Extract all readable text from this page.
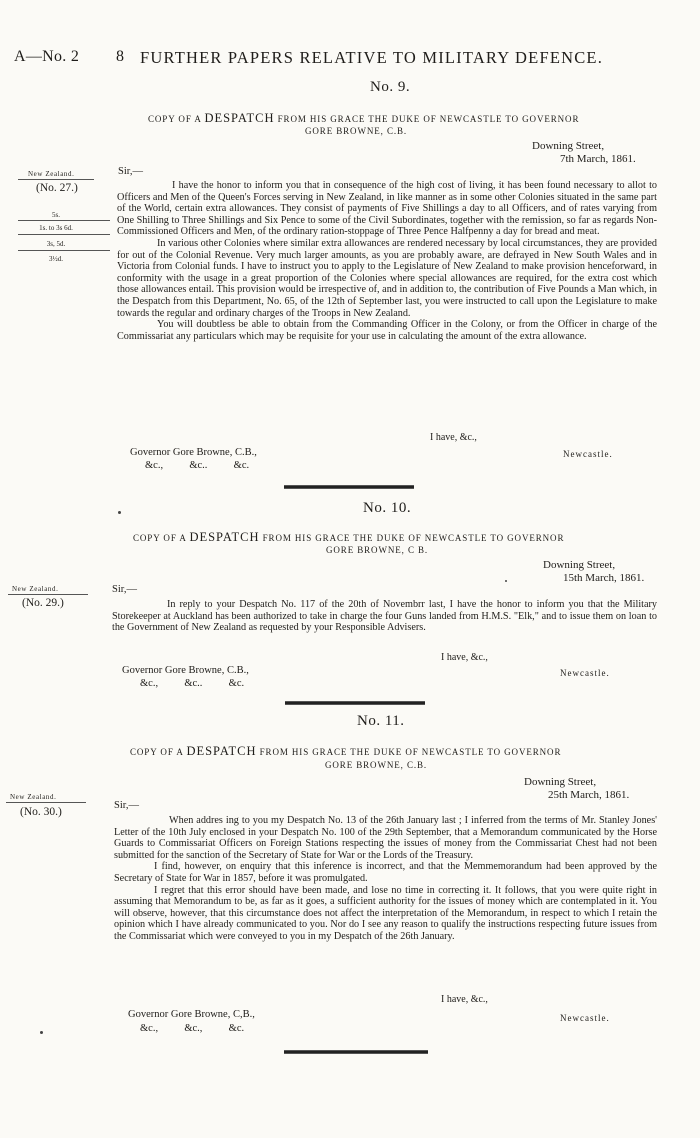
A—No. 2 8 FURTHER PAPERS RELATIVE TO MILITARY DEFENCE.
No. 9.
COPY OF A DESPATCH FROM HIS GRACE THE DUKE OF NEWCASTLE TO GOVERNOR
GORE BROWNE, C.B.
Downing Street,
7th March, 1861.
New Zealand.
(No. 27.)
5s.
1s. to 3s 6d.
3s, 5d.
3½d.
Sir,—

I have the honor to inform you that in consequence of the high cost of living, it has been found necessary to allot to Officers and Men of the Queen's Forces serving in New Zealand, in like manner as in some other Colonies situated in the same part of the World, certain extra allowances. They consist of payments of Five Shillings a day to all Officers, and of rates varying from One Shilling to Three Shillings and Six Pence to some of the Civil Subordinates, together with the remission, so far as regards Non-Commissioned Officers and Men, of the ordinary ration-stoppage of Three Pence Halfpenny a day for bread and meat.

In various other Colonies where similar extra allowances are rendered necessary by local circumstances, they are provided for out of the Colonial Revenue. Very much larger amounts, as you are probably aware, are defrayed in New South Wales and in Victoria from Colonial funds. I have to instruct you to apply to the Legislature of New Zealand to make provision henceforward, in conformity with the usage in a great proportion of the Colonies where special allowances are required, for the extra cost which those allowances entail. This provision would be irrespective of, and in addition to, the contribution of Five Pounds a Man which, in the Despatch from this Department, No. 65, of the 12th of September last, you were instructed to call upon the Legislature to make towards the regular and ordinary charges of the Troops in New Zealand.

You will doubtless be able to obtain from the Commanding Officer in the Colony, or from the Officer in charge of the Commissariat any particulars which may be requisite for your use in calculating the amount of the extra allowance.

I have, &c.,
Governor Gore Browne, C.B.,	Newcastle.
&c.,          &c..          &c.
No. 10.
COPY OF A DESPATCH FROM HIS GRACE THE DUKE OF NEWCASTLE TO GOVERNOR
GORE BROWNE, C B.
Downing Street,
15th March, 1861.
New Zealand.
(No. 29.)
Sir,—

In reply to your Despatch No. 117 of the 20th of Novembrr last, I have the honor to inform you that the Military Storekeeper at Auckland has been authorized to take in charge the four Guns landed from H.M.S. "Elk," and to issue them on loan to the Government of New Zealand as requested by your Responsible Advisers.

I have, &c.,
Governor Gore Browne, C.B.,	Newcastle.
&c.,          &c..          &c.
No. 11.
COPY OF A DESPATCH FROM HIS GRACE THE DUKE OF NEWCASTLE TO GOVERNOR
GORE BROWNE, C.B.
Downing Street,
25th March, 1861.
New Zealand.
(No. 30.)
Sir,—

When addres ing to you my Despatch No. 13 of the 26th January last ; I inferred from the terms of Mr. Stanley Jones' Letter of the 10th July enclosed in your Despatch No. 100 of the 29th September, that a Memorandum communicated by the Horse Guards to Commissariat Officers on Foreign Stations respecting the issues of money from the Commissariat Chest had not been submitted for the sanction of the Secretary of State for War or the Lords of the Treasury.

I find, however, on enquiry that this inference is incorrect, and that the Memmemorandum had been approved by the Secretary of State for War in 1857, before it was promulgated.

I regret that this error should have been made, and lose no time in correcting it. It follows, that you were quite right in assuming that Memorandum to be, as far as it goes, a sufficient authority for the issues of money which are contemplated in it. You will observe, however, that this circumstance does not affect the interpretation of the Memorandum, in respect to which I retain the opinion which I have already communicated to you. Nor do I see any reason to qualify the instructions respecting future issues from the Commissariat which were conveyed to you in my Despatch of the 26th January.

I have, &c.,
Governor Gore Browne, C,B.,	Newcastle.
&c.,          &c.,          &c.
